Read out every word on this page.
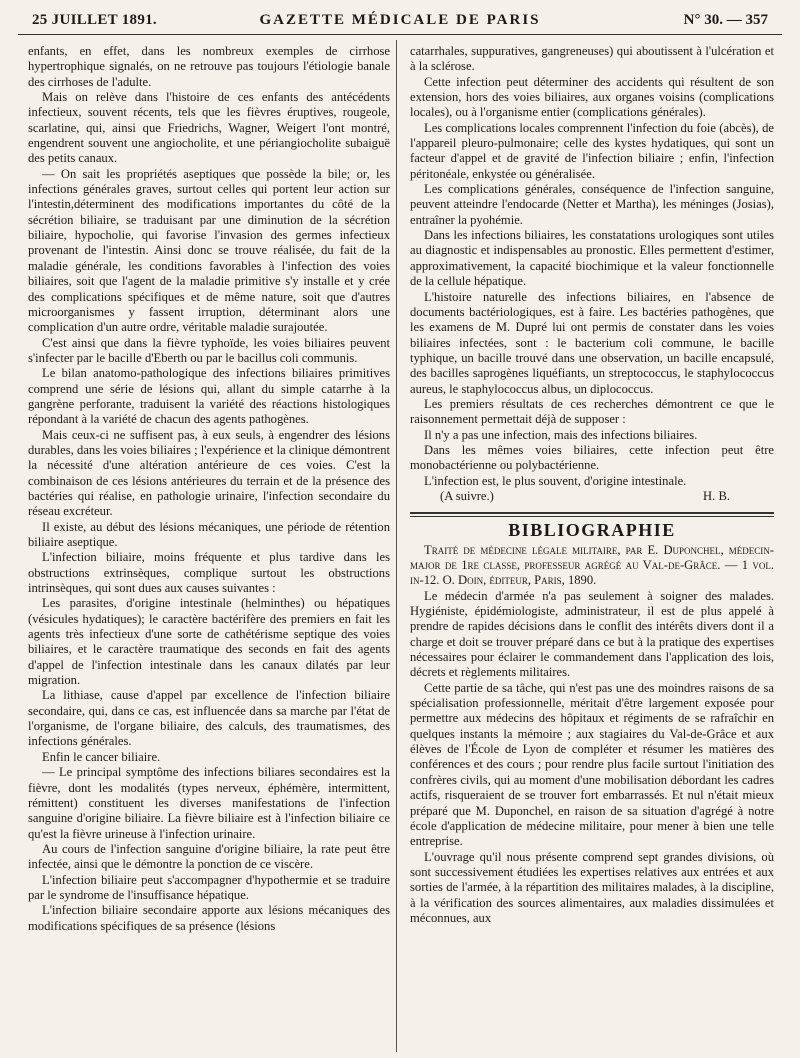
25 JUILLET 1891.	GAZETTE MÉDICALE DE PARIS	N° 30. — 357

enfants, en effet, dans les nombreux exemples de cirrhose hypertrophique signalés, on ne retrouve pas toujours l'étiologie banale des cirrhoses de l'adulte.

Mais on relève dans l'histoire de ces enfants des antécédents infectieux, souvent récents, tels que les fièvres éruptives, rougeole, scarlatine, qui, ainsi que Friedrichs, Wagner, Weigert l'ont montré, engendrent souvent une angiocholite, et une périangiocholite subaiguë des petits canaux.

— On sait les propriétés aseptiques que possède la bile; or, les infections générales graves, surtout celles qui portent leur action sur l'intestin,déterminent des modifications importantes du côté de la sécrétion biliaire, se traduisant par une diminution de la sécrétion biliaire, hypocholie, qui favorise l'invasion des germes infectieux provenant de l'intestin. Ainsi donc se trouve réalisée, du fait de la maladie générale, les conditions favorables à l'infection des voies biliaires, soit que l'agent de la maladie primitive s'y installe et y crée des complications spécifiques et de même nature, soit que d'autres microorganismes y fassent irruption, déterminant alors une complication d'un autre ordre, véritable maladie surajoutée.

C'est ainsi que dans la fièvre typhoïde, les voies biliaires peuvent s'infecter par le bacille d'Eberth ou par le bacillus coli communis.

Le bilan anatomo-pathologique des infections biliaires primitives comprend une série de lésions qui, allant du simple catarrhe à la gangrène perforante, traduisent la variété des réactions histologiques répondant à la variété de chacun des agents pathogènes.

Mais ceux-ci ne suffisent pas, à eux seuls, à engendrer des lésions durables, dans les voies biliaires ; l'expérience et la clinique démontrent la nécessité d'une altération antérieure de ces voies. C'est la combinaison de ces lésions antérieures du terrain et de la présence des bactéries qui réalise, en pathologie urinaire, l'infection secondaire du réseau excréteur.

Il existe, au début des lésions mécaniques, une période de rétention biliaire aseptique.

L'infection biliaire, moins fréquente et plus tardive dans les obstructions extrinsèques, complique surtout les obstructions intrinsèques, qui sont dues aux causes suivantes :

Les parasites, d'origine intestinale (helminthes) ou hépatiques (vésicules hydatiques); le caractère bactérifère des premiers en fait les agents très infectieux d'une sorte de cathétérisme septique des voies biliaires, et le caractère traumatique des seconds en fait des agents d'appel de l'infection intestinale dans les canaux dilatés par leur migration.

La lithiase, cause d'appel par excellence de l'infection biliaire secondaire, qui, dans ce cas, est influencée dans sa marche par l'état de l'organisme, de l'organe biliaire, des calculs, des traumatismes, des infections générales.

Enfin le cancer biliaire.

— Le principal symptôme des infections biliares secondaires est la fièvre, dont les modalités (types nerveux, éphémère, intermittent, rémittent) constituent les diverses manifestations de l'infection sanguine d'origine biliaire. La fièvre biliaire est à l'infection biliaire ce qu'est la fièvre urineuse à l'infection urinaire.

Au cours de l'infection sanguine d'origine biliaire, la rate peut être infectée, ainsi que le démontre la ponction de ce viscère.

L'infection biliaire peut s'accompagner d'hypothermie et se traduire par le syndrome de l'insuffisance hépatique.

L'infection biliaire secondaire apporte aux lésions mécaniques des modifications spécifiques de sa présence (lésions

catarrhales, suppuratives, gangreneuses) qui aboutissent à l'ulcération et à la sclérose.

Cette infection peut déterminer des accidents qui résultent de son extension, hors des voies biliaires, aux organes voisins (complications locales), ou à l'organisme entier (complications générales).

Les complications locales comprennent l'infection du foie (abcès), de l'appareil pleuro-pulmonaire; celle des kystes hydatiques, qui sont un facteur d'appel et de gravité de l'infection biliaire ; enfin, l'infection péritonéale, enkystée ou généralisée.

Les complications générales, conséquence de l'infection sanguine, peuvent atteindre l'endocarde (Netter et Martha), les méninges (Josias), entraîner la pyohémie.

Dans les infections biliaires, les constatations urologiques sont utiles au diagnostic et indispensables au pronostic. Elles permettent d'estimer, approximativement, la capacité biochimique et la valeur fonctionnelle de la cellule hépatique.

L'histoire naturelle des infections biliaires, en l'absence de documents bactériologiques, est à faire. Les bactéries pathogènes, que les examens de M. Dupré lui ont permis de constater dans les voies biliaires infectées, sont : le bacterium coli commune, le bacille typhique, un bacille trouvé dans une observation, un bacille encapsulé, des bacilles saprogènes liquéfiants, un streptococcus, le staphylococcus aureus, le staphylococcus albus, un diplococcus.

Les premiers résultats de ces recherches démontrent ce que le raisonnement permettait déjà de supposer :

Il n'y a pas une infection, mais des infections biliaires.

Dans les mêmes voies biliaires, cette infection peut être monobactérienne ou polybactérienne.

L'infection est, le plus souvent, d'origine intestinale.

(A suivre.)	H. B.
BIBLIOGRAPHIE

Traité de médecine légale militaire, par E. Duponchel, médecin-major de 1re classe, professeur agrégé au Val-de-Grâce. — 1 vol. in-12. O. Doin, éditeur, Paris, 1890.

Le médecin d'armée n'a pas seulement à soigner des malades. Hygiéniste, épidémiologiste, administrateur, il est de plus appelé à prendre de rapides décisions dans le conflit des intérêts divers dont il a charge et doit se trouver préparé dans ce but à la pratique des expertises nécessaires pour éclairer le commandement dans l'application des lois, décrets et règlements militaires.

Cette partie de sa tâche, qui n'est pas une des moindres raisons de sa spécialisation professionnelle, méritait d'être largement exposée pour permettre aux médecins des hôpitaux et régiments de se rafraîchir en quelques instants la mémoire ; aux stagiaires du Val-de-Grâce et aux élèves de l'École de Lyon de compléter et résumer les matières des conférences et des cours ; pour rendre plus facile surtout l'initiation des confrères civils, qui au moment d'une mobilisation débordant les cadres actifs, risqueraient de se trouver fort embarrassés. Et nul n'était mieux préparé que M. Duponchel, en raison de sa situation d'agrégé à notre école d'application de médecine militaire, pour mener à bien une telle entreprise.

L'ouvrage qu'il nous présente comprend sept grandes divisions, où sont successivement étudiées les expertises relatives aux entrées et aux sorties de l'armée, à la répartition des militaires malades, à la discipline, à la vérification des sources alimentaires, aux maladies dissimulées et méconnues, aux
